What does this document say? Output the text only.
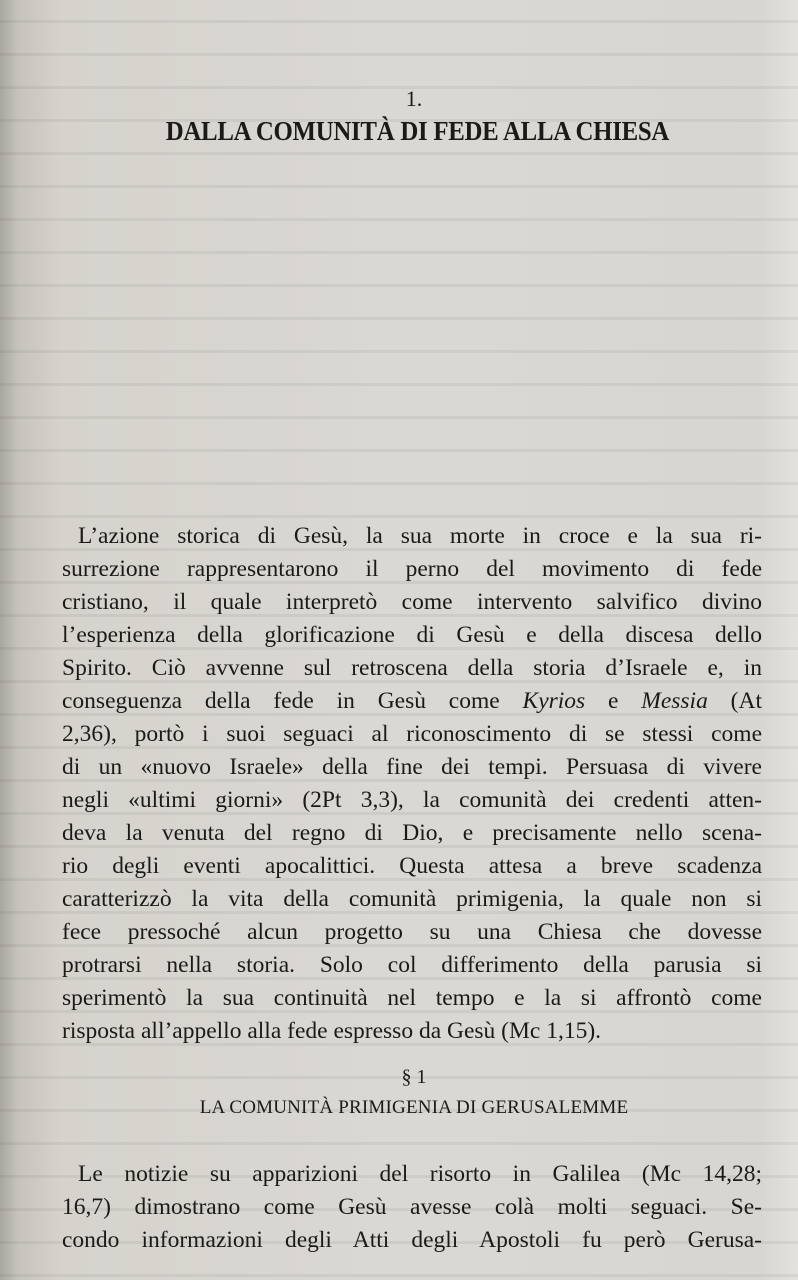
1.
DALLA COMUNITÀ DI FEDE ALLA CHIESA
L’azione storica di Gesù, la sua morte in croce e la sua ri-
surrezione rappresentarono il perno del movimento di fede
cristiano, il quale interpretò come intervento salvifico divino
l’esperienza della glorificazione di Gesù e della discesa dello
Spirito. Ciò avvenne sul retroscena della storia d’Israele e, in
conseguenza della fede in Gesù come Kyrios e Messia (At
2,36), portò i suoi seguaci al riconoscimento di se stessi come
di un «nuovo Israele» della fine dei tempi. Persuasa di vivere
negli «ultimi giorni» (2Pt 3,3), la comunità dei credenti atten-
deva la venuta del regno di Dio, e precisamente nello scena-
rio degli eventi apocalittici. Questa attesa a breve scadenza
caratterizzò la vita della comunità primigenia, la quale non si
fece pressoché alcun progetto su una Chiesa che dovesse
protrarsi nella storia. Solo col differimento della parusia si
sperimentò la sua continuità nel tempo e la si affrontò come
risposta all’appello alla fede espresso da Gesù (Mc 1,15).
§ 1
LA COMUNITÀ PRIMIGENIA DI GERUSALEMME
Le notizie su apparizioni del risorto in Galilea (Mc 14,28;
16,7) dimostrano come Gesù avesse colà molti seguaci. Se-
condo informazioni degli Atti degli Apostoli fu però Gerusa-
